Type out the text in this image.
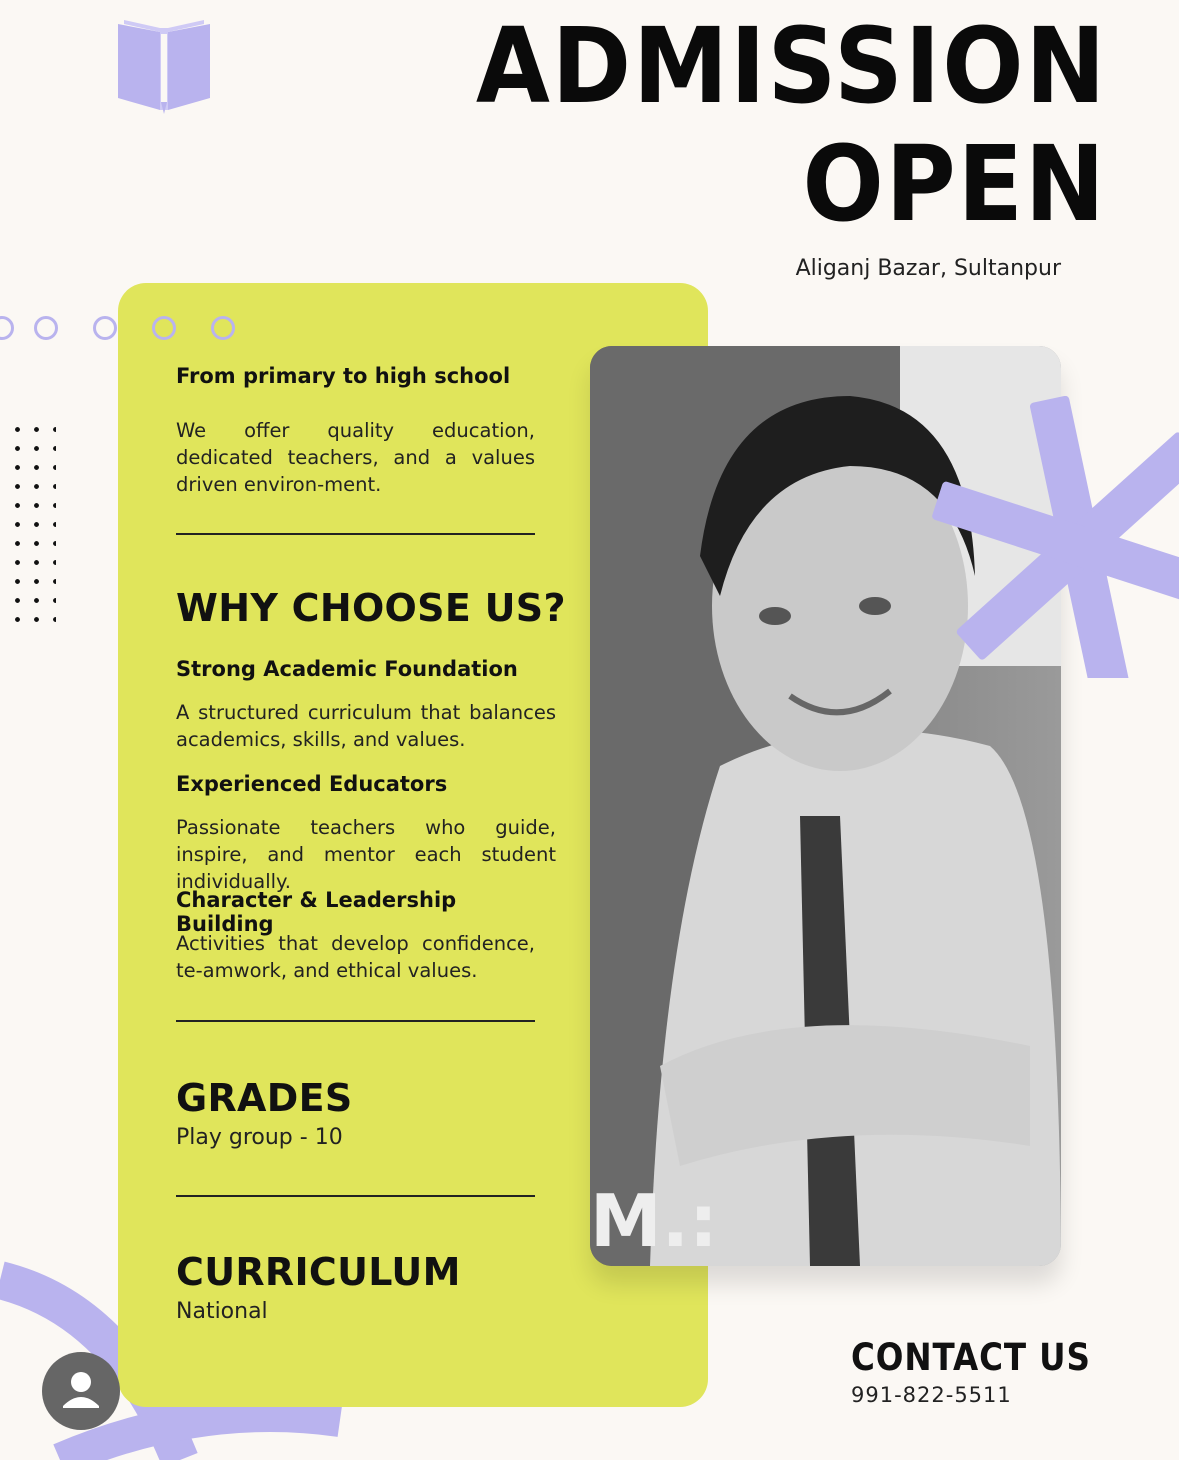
ADMISSION
OPEN
Aliganj Bazar, Sultanpur
From primary to high school
We offer quality education, dedicated teachers, and a values driven environ-ment.
WHY CHOOSE US?
Strong Academic Foundation
A structured curriculum that balances academics, skills, and values.
Experienced Educators
Passionate teachers who guide, inspire, and mentor each student individually.
Character & Leadership Building
Activities that develop confidence, te-amwork, and ethical values.
GRADES
Play group - 10
CURRICULUM
National
M.:
CONTACT US
991-822-5511
